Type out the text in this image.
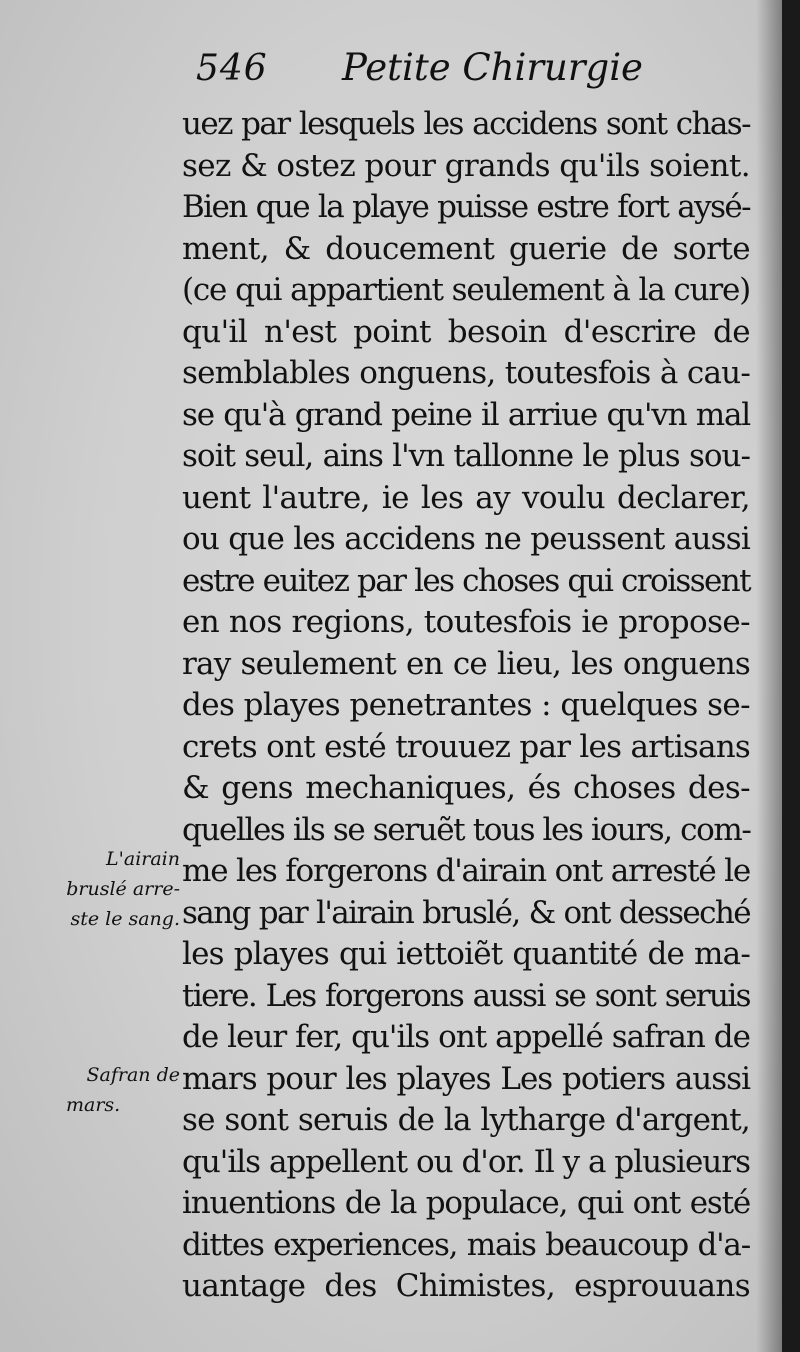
546 Petite Chirurgie
uez par lesquels les accidens sont chas-
sez & ostez pour grands qu'ils soient.
Bien que la playe puisse estre fort aysé-
ment, & doucement guerie de sorte
(ce qui appartient seulement à la cure)
qu'il n'est point besoin d'escrire de
semblables onguens, toutesfois à cau-
se qu'à grand peine il arriue qu'vn mal
soit seul, ains l'vn tallonne le plus sou-
uent l'autre, ie les ay voulu declarer,
ou que les accidens ne peussent aussi
estre euitez par les choses qui croissent
en nos regions, toutesfois ie propose-
ray seulement en ce lieu, les onguens
des playes penetrantes : quelques se-
crets ont esté trouuez par les artisans
& gens mechaniques, és choses des-
quelles ils se seruẽt tous les iours, com-
me les forgerons d'airain ont arresté le
sang par l'airain bruslé, & ont desseché
les playes qui iettoiẽt quantité de ma-
tiere. Les forgerons aussi se sont seruis
de leur fer, qu'ils ont appellé safran de
mars pour les playes Les potiers aussi
se sont seruis de la lytharge d'argent,
qu'ils appellent ou d'or. Il y a plusieurs
inuentions de la populace, qui ont esté
dittes experiences, mais beaucoup d'a-
uantage des Chimistes, esprouuans
L'airain
bruslé arre-
ste le sang.
Safran de
mars.
